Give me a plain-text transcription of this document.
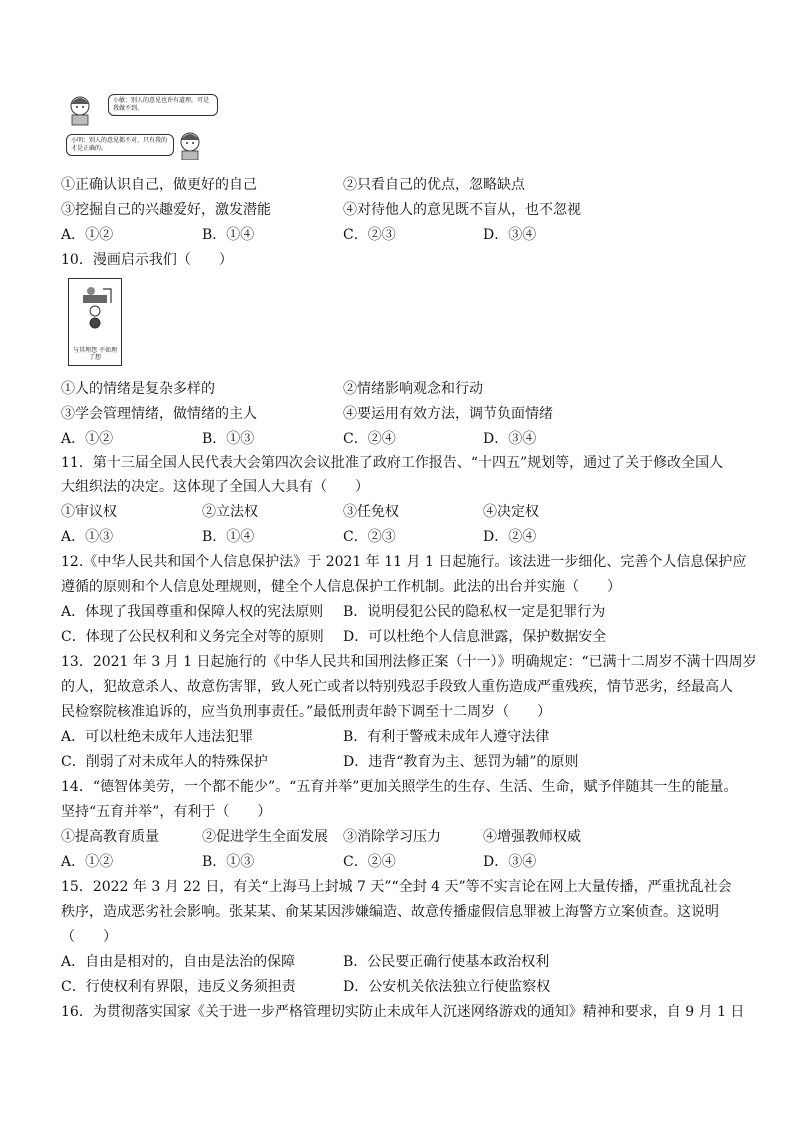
小敏：别人的意见也许有道理，可是我做不到。
小明：别人的意见都不对，只有我的才是正确的。
①正确认识自己，做更好的自己	②只看自己的优点，忽略缺点
③挖掘自己的兴趣爱好，激发潜能	④对待他人的意见既不盲从，也不忽视
A．①②	B．①④	C．②③	D．③④
10．漫画启示我们（　　）
与其埋怨 不如理了想
①人的情绪是复杂多样的	②情绪影响观念和行动
③学会管理情绪，做情绪的主人	④要运用有效方法，调节负面情绪
A．①②	B．①③	C．②④	D．③④
11．第十三届全国人民代表大会第四次会议批准了政府工作报告、“十四五”规划等，通过了关于修改全国人
大组织法的决定。这体现了全国人大具有（　　）
①审议权	②立法权	③任免权	④决定权
A．①③	B．①④	C．②③	D．②④
12.《中华人民共和国个人信息保护法》于 2021 年 11 月 1 日起施行。该法进一步细化、完善个人信息保护应
遵循的原则和个人信息处理规则，健全个人信息保护工作机制。此法的出台并实施（　　）
A．体现了我国尊重和保障人权的宪法原则 B．说明侵犯公民的隐私权一定是犯罪行为
C．体现了公民权利和义务完全对等的原则 D．可以杜绝个人信息泄露，保护数据安全
13．2021 年 3 月 1 日起施行的《中华人民共和国刑法修正案（十一）》明确规定：“已满十二周岁不满十四周岁
的人，犯故意杀人、故意伤害罪，致人死亡或者以特别残忍手段致人重伤造成严重残疾，情节恶劣，经最高人
民检察院核准追诉的，应当负刑事责任。”最低刑责年龄下调至十二周岁（　　）
A．可以杜绝未成年人违法犯罪	B．有利于警戒未成年人遵守法律
C．削弱了对未成年人的特殊保护	D．违背“教育为主、惩罚为辅”的原则
14．“德智体美劳，一个都不能少”。“五育并举”更加关照学生的生存、生活、生命，赋予伴随其一生的能量。
坚持“五育并举”，有利于（　　）
①提高教育质量	②促进学生全面发展 ③消除学习压力	④增强教师权威
A．①②	B．①③	C．②④	D．③④
15．2022 年 3 月 22 日，有关“上海马上封城 7 天”“全封 4 天”等不实言论在网上大量传播，严重扰乱社会
秩序，造成恶劣社会影响。张某某、俞某某因涉嫌编造、故意传播虚假信息罪被上海警方立案侦查。这说明
（　　）
A．自由是相对的，自由是法治的保障	B．公民要正确行使基本政治权利
C．行使权利有界限，违反义务须担责	D．公安机关依法独立行使监察权
16．为贯彻落实国家《关于进一步严格管理切实防止未成年人沉迷网络游戏的通知》精神和要求，自 9 月 1 日
